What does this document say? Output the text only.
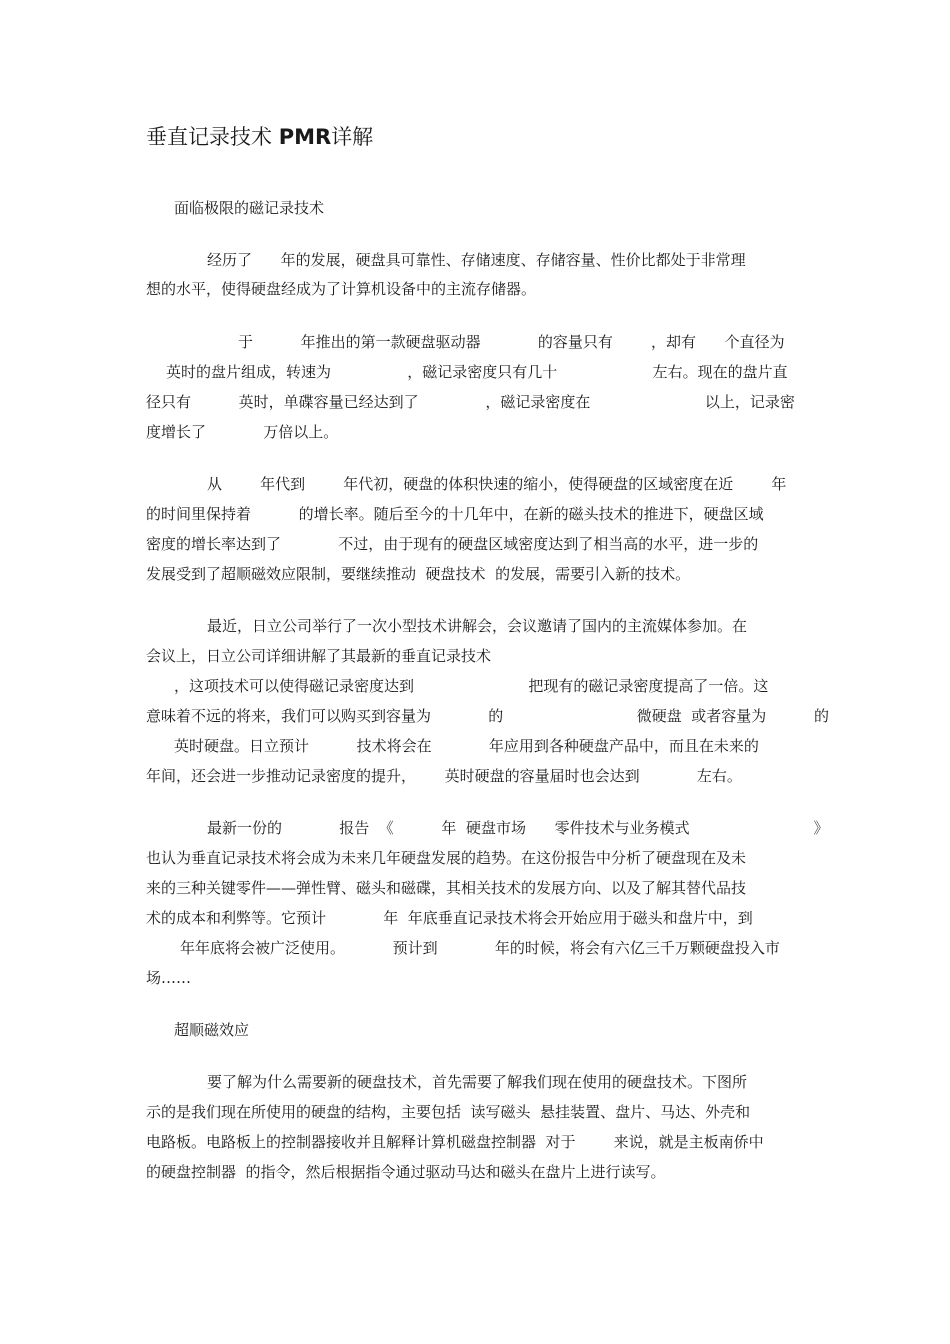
垂直记录技术 PMR详解
面临极限的磁记录技术
经历了      年的发展，硬盘具可靠性、存储速度、存储容量、性价比都处于非常理
想的水平，使得硬盘经成为了计算机设备中的主流存储器。
于          年推出的第一款硬盘驱动器            的容量只有        ，却有      个直径为
英时的盘片组成，转速为                ，磁记录密度只有几十                    左右。现在的盘片直
径只有          英时，单碟容量已经达到了              ，磁记录密度在                        以上，记录密
度增长了            万倍以上。
从        年代到        年代初，硬盘的体积快速的缩小，使得硬盘的区域密度在近        年
的时间里保持着          的增长率。随后至今的十几年中，在新的磁头技术的推进下，硬盘区域
密度的增长率达到了            不过，由于现有的硬盘区域密度达到了相当高的水平，进一步的
发展受到了超顺磁效应限制，要继续推动  硬盘技术  的发展，需要引入新的技术。
最近，日立公司举行了一次小型技术讲解会，会议邀请了国内的主流媒体参加。在
会议上，日立公司详细讲解了其最新的垂直记录技术
，这项技术可以使得磁记录密度达到                        把现有的磁记录密度提高了一倍。这
意味着不远的将来，我们可以购买到容量为            的                            微硬盘  或者容量为          的
英时硬盘。日立预计          技术将会在            年应用到各种硬盘产品中，而且在未来的
年间，还会进一步推动记录密度的提升，      英时硬盘的容量届时也会达到            左右。
最新一份的            报告  《          年  硬盘市场      零件技术与业务模式                          》
也认为垂直记录技术将会成为未来几年硬盘发展的趋势。在这份报告中分析了硬盘现在及未
来的三种关键零件——弹性臂、磁头和磁碟，其相关技术的发展方向、以及了解其替代品技
术的成本和利弊等。它预计            年  年底垂直记录技术将会开始应用于磁头和盘片中，到
年年底将会被广泛使用。          预计到            年的时候，将会有六亿三千万颗硬盘投入市
场……
超顺磁效应
要了解为什么需要新的硬盘技术，首先需要了解我们现在使用的硬盘技术。下图所
示的是我们现在所使用的硬盘的结构，主要包括  读写磁头  悬挂装置、盘片、马达、外壳和
电路板。电路板上的控制器接收并且解释计算机磁盘控制器  对于        来说，就是主板南侨中
的硬盘控制器  的指令，然后根据指令通过驱动马达和磁头在盘片上进行读写。
